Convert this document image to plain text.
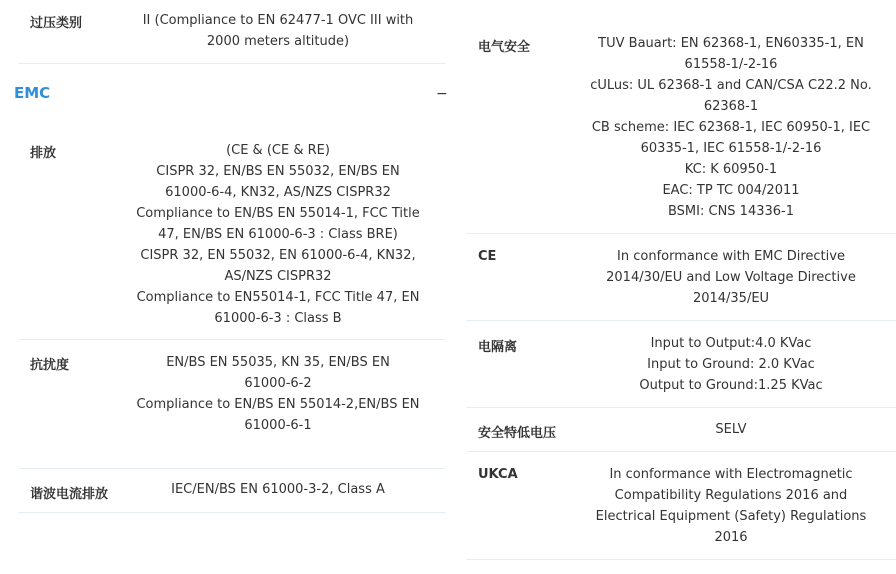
过压类别	II (Compliance to EN 62477-1 OVC III with
2000 meters altitude)
EMC	−
排放	(CE & (CE & RE)
CISPR 32, EN/BS EN 55032, EN/BS EN
61000-6-4, KN32, AS/NZS CISPR32
Compliance to EN/BS EN 55014-1, FCC Title
47, EN/BS EN 61000-6-3 : Class BRE)
CISPR 32, EN 55032, EN 61000-6-4, KN32,
AS/NZS CISPR32
Compliance to EN55014-1, FCC Title 47, EN
61000-6-3 : Class B
抗扰度	EN/BS EN 55035, KN 35, EN/BS EN
61000-6-2
Compliance to EN/BS EN 55014-2,EN/BS EN
61000-6-1
谐波电流排放	IEC/EN/BS EN 61000-3-2, Class A
电气安全	TUV Bauart: EN 62368-1, EN60335-1, EN
61558-1/-2-16
cULus: UL 62368-1 and CAN/CSA C22.2 No.
62368-1
CB scheme: IEC 62368-1, IEC 60950-1, IEC
60335-1, IEC 61558-1/-2-16
KC: K 60950-1
EAC: TP TC 004/2011
BSMI: CNS 14336-1
CE	In conformance with EMC Directive
2014/30/EU and Low Voltage Directive
2014/35/EU
电隔离	Input to Output:4.0 KVac
Input to Ground: 2.0 KVac
Output to Ground:1.25 KVac
安全特低电压	SELV
UKCA	In conformance with Electromagnetic
Compatibility Regulations 2016 and
Electrical Equipment (Safety) Regulations
2016
